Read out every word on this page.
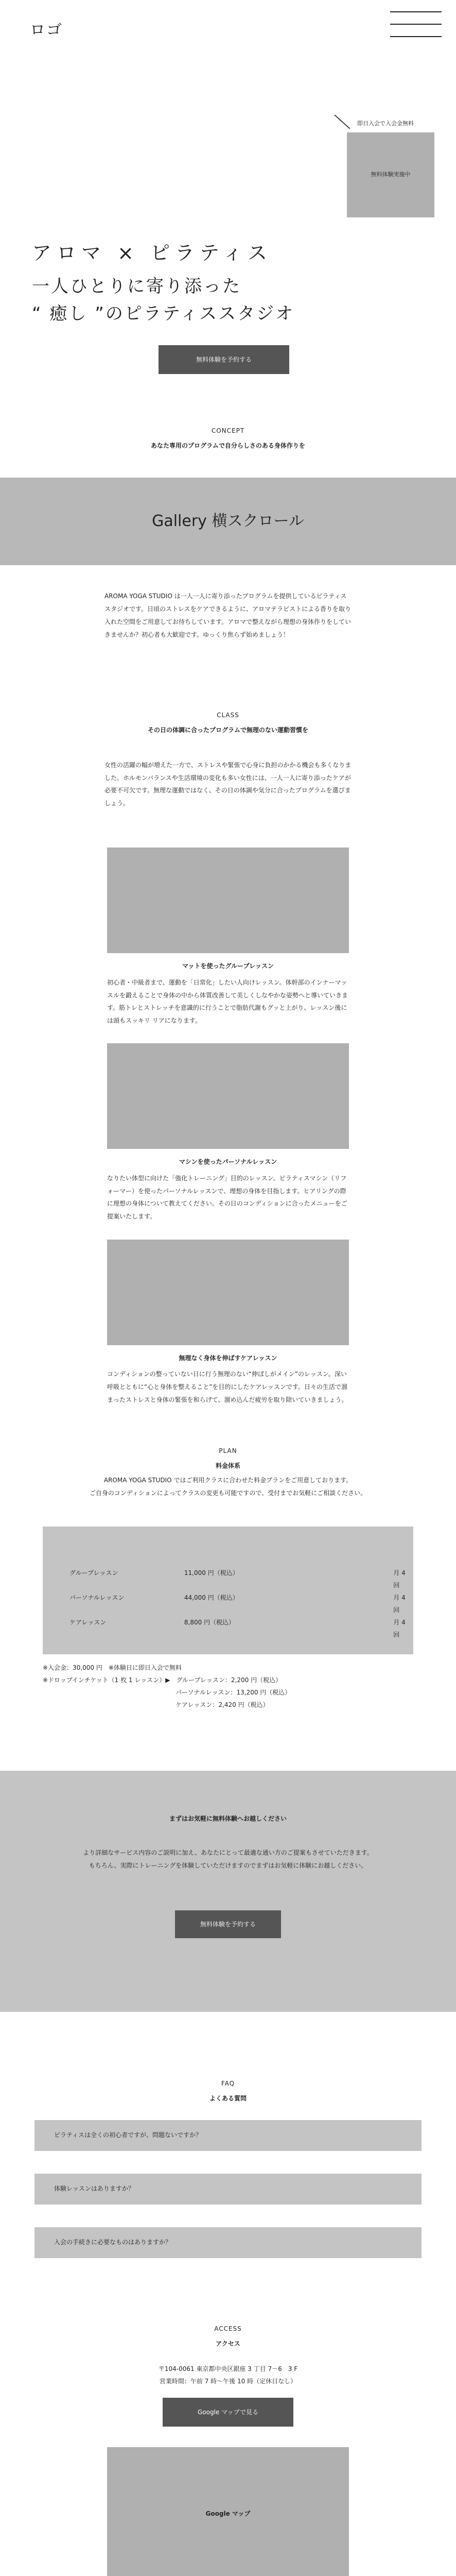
ロゴ
即日入会で入会金無料
無料体験実施中
アロマ × ピラティス
一人ひとりに寄り添った
“ 癒し ”のピラティススタジオ
無料体験を予約する
CONCEPT
あなた専用のプログラムで自分らしさのある身体作りを
Gallery 横スクロール

AROMA YOGA STUDIO は一人一人に寄り添ったプログラムを提供しているピラティススタジオです。日頃のストレスをケアできるように、アロマテラピストによる香りを取り入れた空間をご用意してお待ちしています。アロマで整えながら理想の身体作りをしていきませんか？初心者も大歓迎です。ゆっくり焦らず始めましょう！

CLASS
その日の体調に合ったプログラムで無理のない運動習慣を

女性の活躍の幅が増えた一方で、ストレスや緊張で心身に負担のかかる機会も多くなりました。ホルモンバランスや生活環境の変化も多い女性には、一人一人に寄り添ったケアが必要不可欠です。無理な運動ではなく、その日の体調や気分に合ったプログラムを選びましょう。

マットを使ったグループレッスン

初心者・中級者まで、運動を「日常化」したい人向けレッスン。体幹部のインナーマッスルを鍛えることで身体の中から体質改善して美しくしなやかな姿勢へと導いていきます。筋トレとストレッチを意識的に行うことで脂肪代謝もグッと上がり、レッスン後には頭もスッキリ リアになります。

マシンを使ったパーソナルレッスン

なりたい体型に向けた「強化トレーニング」目的のレッスン。ピラティスマシン（リフォーマー）を使ったパーソナルレッスンで、理想の身体を目指します。ヒアリングの際に理想の身体について教えてください。その日のコンディションに合ったメニューをご提案いたします。

無理なく身体を伸ばすケアレッスン

コンディションの整っていない日に行う無理のない“伸ばしがメイン”のレッスン。深い呼吸とともに“心と身体を整えること”を目的にしたケアレッスンです。日々の生活で溜まったストレスと身体の緊張を和らげて、溜め込んだ疲労を取り除いていきましょう。

PLAN
料金体系
AROMA YOGA STUDIO ではご利用クラスに合わせた料金プランをご用意しております。
ご自身のコンディションによってクラスの変更も可能ですので、受付までお気軽にご相談ください。
グループレッスン	11,000 円（税込）	月 4 回
パーソナルレッスン	44,000 円（税込）	月 4 回
ケアレッスン	8,800 円（税込）	月 4 回
※入会金：30,000 円　※体験日に即日入会で無料
※ドロップインチケット（1 枚 1 レッスン）▶　グループレッスン：2,200 円（税込）
パーソナルレッスン：13,200 円（税込）
ケアレッスン：2,420 円（税込）
まずはお気軽に無料体験へお越しください
より詳細なサービス内容のご説明に加え、あなたにとって最適な通い方のご提案もさせていただきます。
もちろん、実際にトレーニングを体験していただけますのでまずはお気軽に体験にお越しください。
無料体験を予約する
FAQ
よくある質問
ピラティスは全くの初心者ですが、問題ないですか？
体験レッスンはありますか？
入会の手続きに必要なものはありますか？
ACCESS
アクセス
〒104-0061 東京都中央区銀座 3 丁目 7－6　3 F
営業時間：午前 7 時～午後 10 時（定休日なし）
Google マップで見る
Google マップ
